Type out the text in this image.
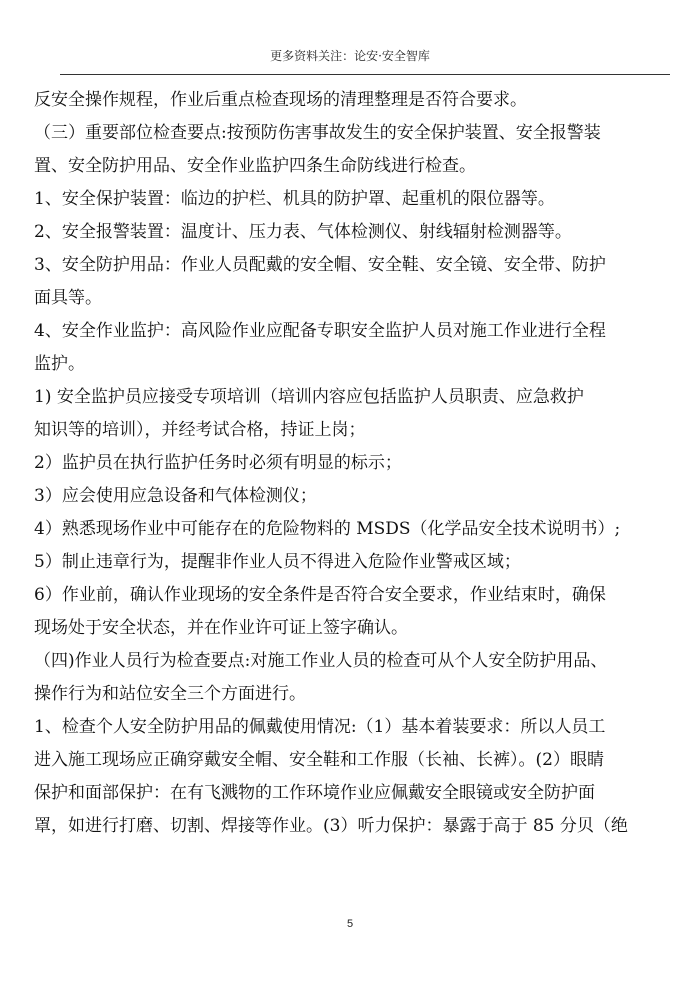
更多资料关注：论安·安全智库
反安全操作规程，作业后重点检查现场的清理整理是否符合要求。
（三）重要部位检查要点:按预防伤害事故发生的安全保护装置、安全报警装
置、安全防护用品、安全作业监护四条生命防线进行检查。
1、安全保护装置：临边的护栏、机具的防护罩、起重机的限位器等。
2、安全报警装置：温度计、压力表、气体检测仪、射线辐射检测器等。
3、安全防护用品：作业人员配戴的安全帽、安全鞋、安全镜、安全带、防护
面具等。
4、安全作业监护：高风险作业应配备专职安全监护人员对施工作业进行全程
监护。
1) 安全监护员应接受专项培训（培训内容应包括监护人员职责、应急救护
知识等的培训），并经考试合格，持证上岗；
2）监护员在执行监护任务时必须有明显的标示；
3）应会使用应急设备和气体检测仪；
4）熟悉现场作业中可能存在的危险物料的 MSDS（化学品安全技术说明书）;
5）制止违章行为，提醒非作业人员不得进入危险作业警戒区域；
6）作业前，确认作业现场的安全条件是否符合安全要求，作业结束时，确保
现场处于安全状态，并在作业许可证上签字确认。
（四)作业人员行为检查要点:对施工作业人员的检查可从个人安全防护用品、
操作行为和站位安全三个方面进行。
1、检查个人安全防护用品的佩戴使用情况:（1）基本着装要求：所以人员工
进入施工现场应正确穿戴安全帽、安全鞋和工作服（长袖、长裤）。(2）眼睛
保护和面部保护：在有飞溅物的工作环境作业应佩戴安全眼镜或安全防护面
罩，如进行打磨、切割、焊接等作业。(3）听力保护：暴露于高于 85 分贝（绝
5
